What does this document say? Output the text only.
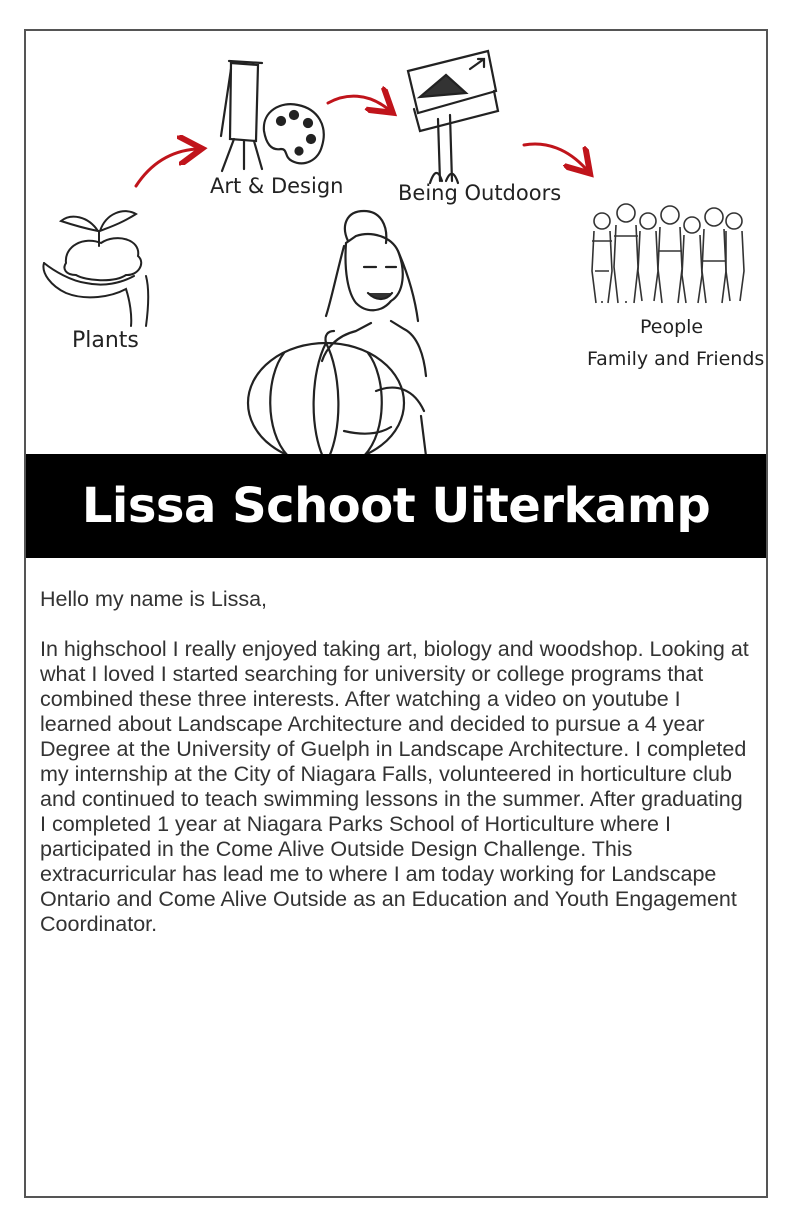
Plants
Art & Design	Being Outdoors
People
Family and Friends
Lissa Schoot Uiterkamp

Hello my name is Lissa,

In highschool I really enjoyed taking art, biology and woodshop. Looking at what I loved I started searching for university or college programs that combined these three interests. After watching a video on youtube I learned about Landscape Architecture and decided to pursue a 4 year Degree at the University of Guelph in Landscape Architecture. I completed my internship at the City of Niagara Falls, volunteered in horticulture club and continued to teach swimming lessons in the summer. After graduating I completed 1 year at Niagara Parks School of Horticulture where I participated in the Come Alive Outside Design Challenge. This extracurricular has lead me to where I am today working for Landscape Ontario and Come Alive Outside as an Education and Youth Engagement Coordinator.
